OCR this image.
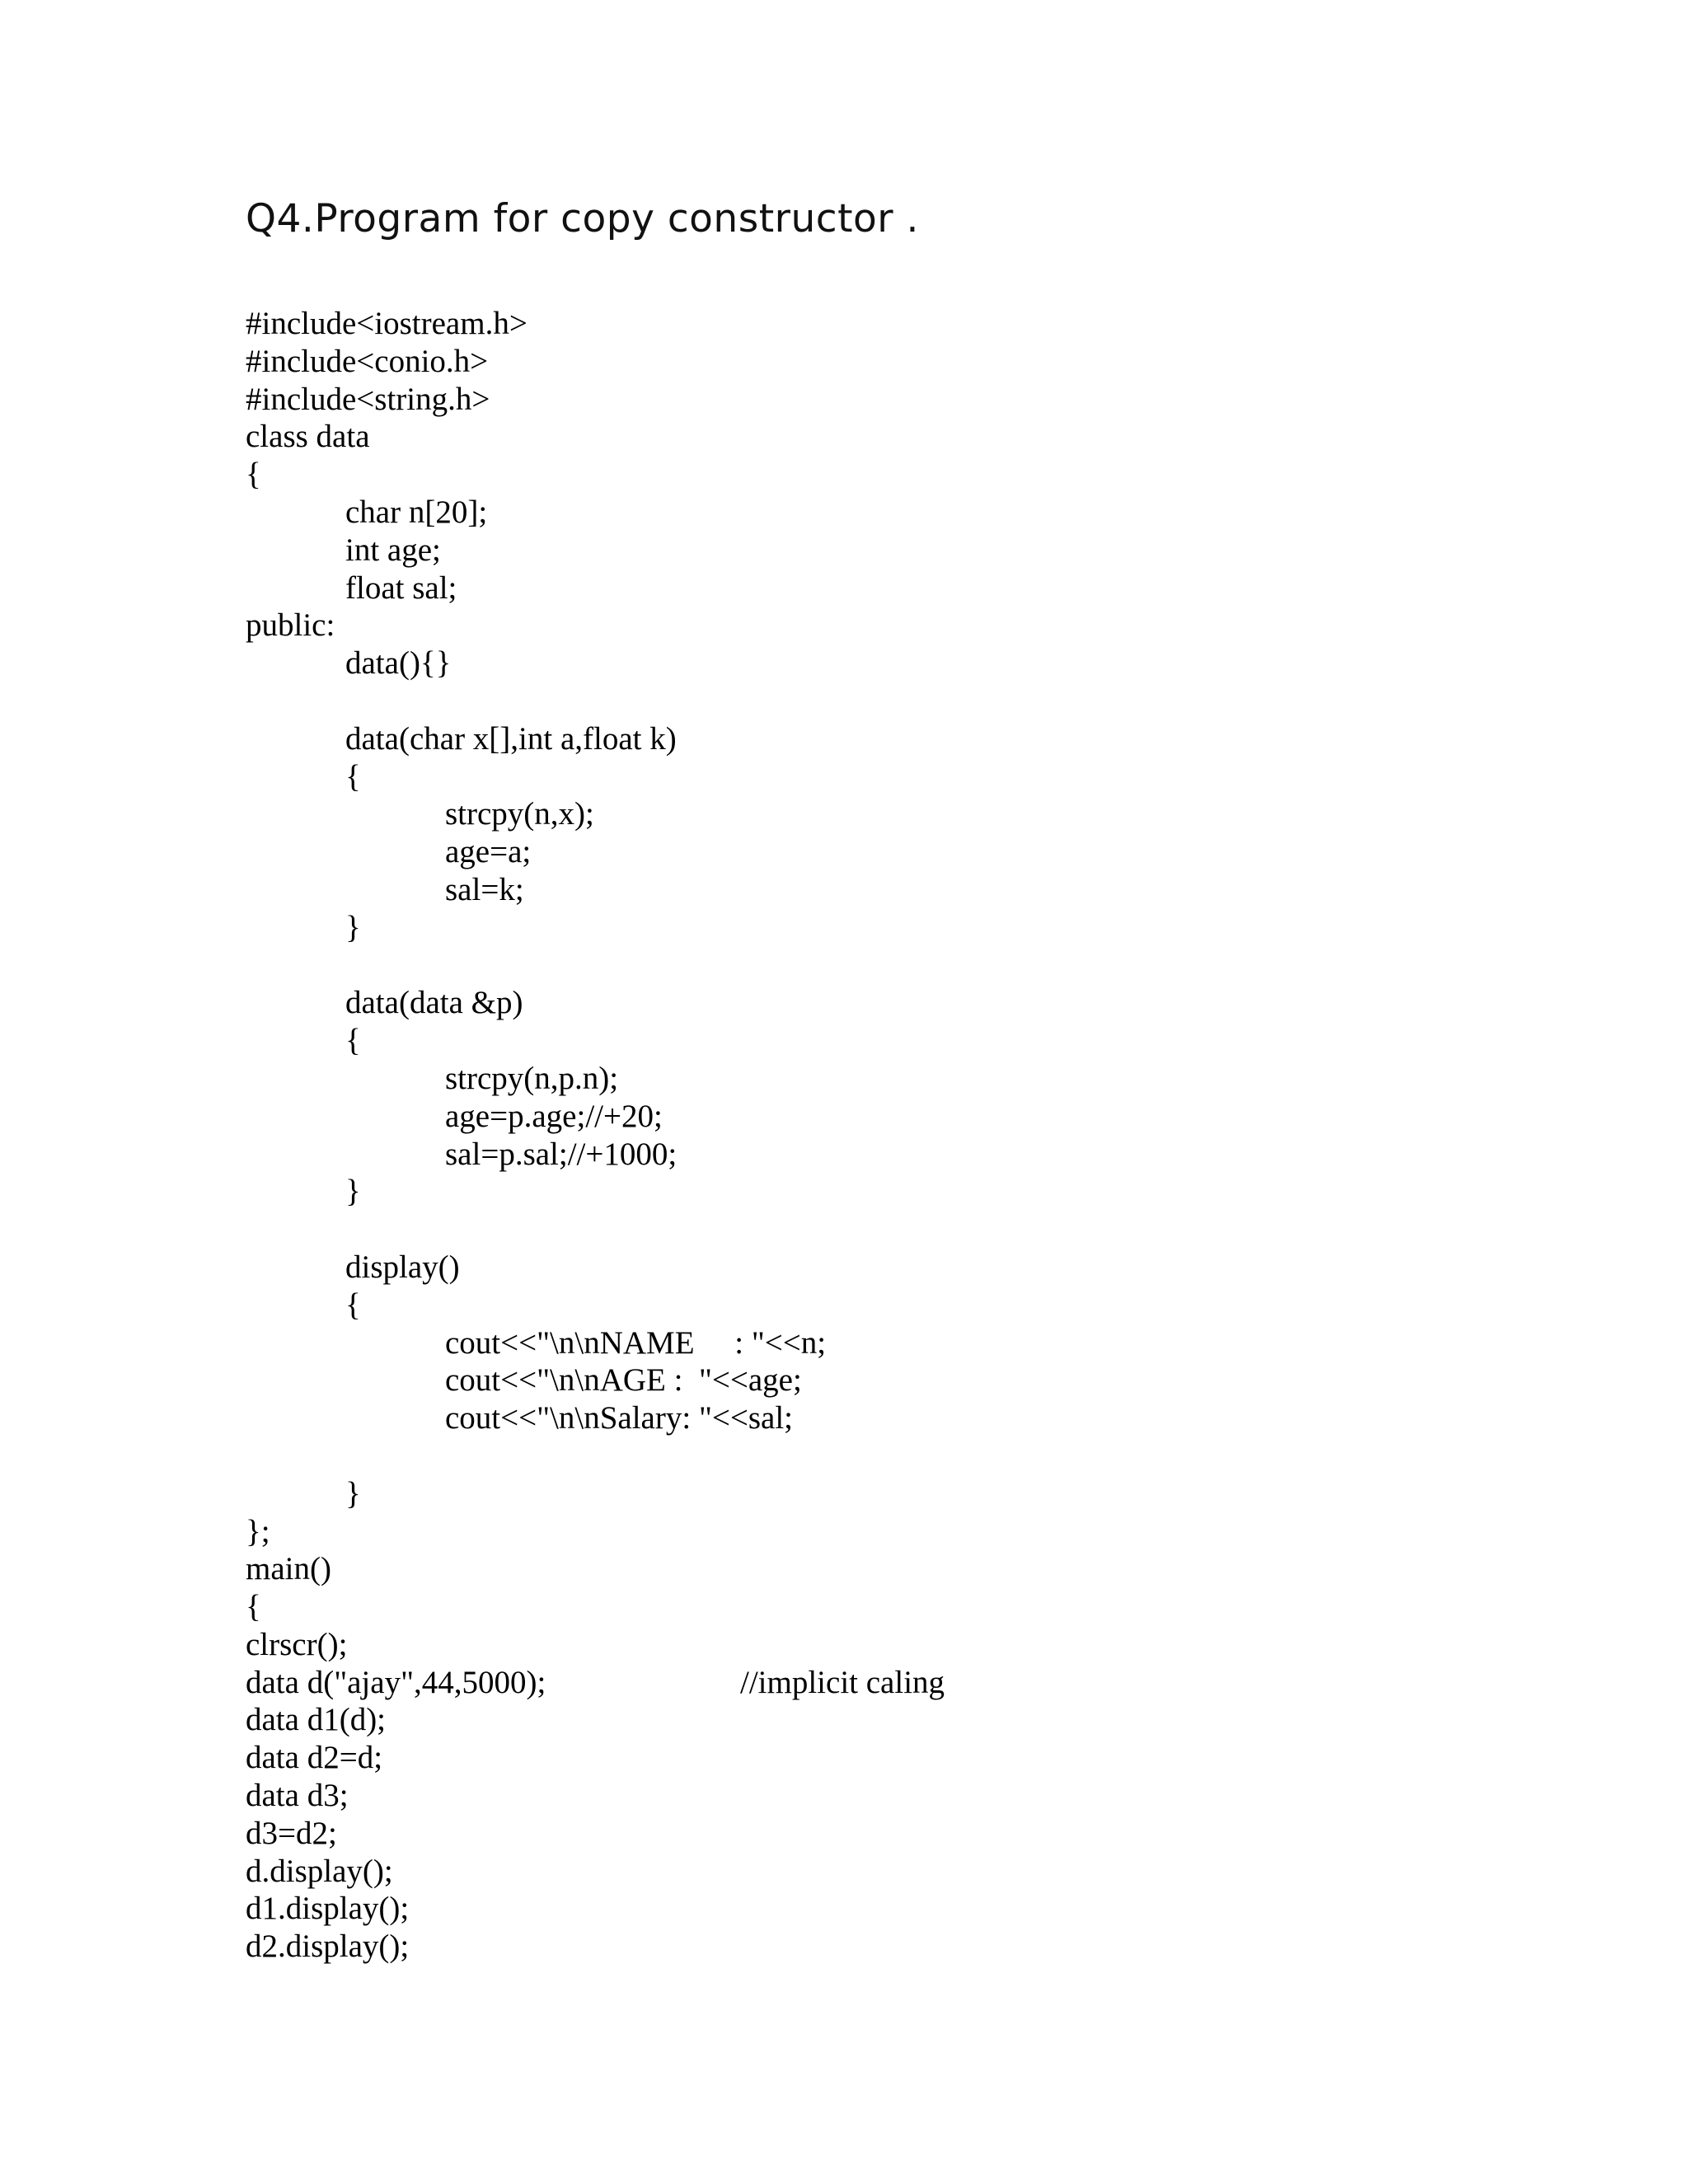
Q4.Program for copy constructor .
#include<iostream.h>
#include<conio.h>
#include<string.h>
class data
{
char n[20];
int age;
float sal;
public:
data(){}
data(char x[],int a,float k)
{
strcpy(n,x);
age=a;
sal=k;
}
data(data &p)
{
strcpy(n,p.n);
age=p.age;//+20;
sal=p.sal;//+1000;
}
display()
{
cout<<"\n\nNAME     : "<<n;
cout<<"\n\nAGE :  "<<age;
cout<<"\n\nSalary: "<<sal;
}
};
main()
{
clrscr();
data d("ajay",44,5000);	//implicit caling
data d1(d);
data d2=d;
data d3;
d3=d2;
d.display();
d1.display();
d2.display();
